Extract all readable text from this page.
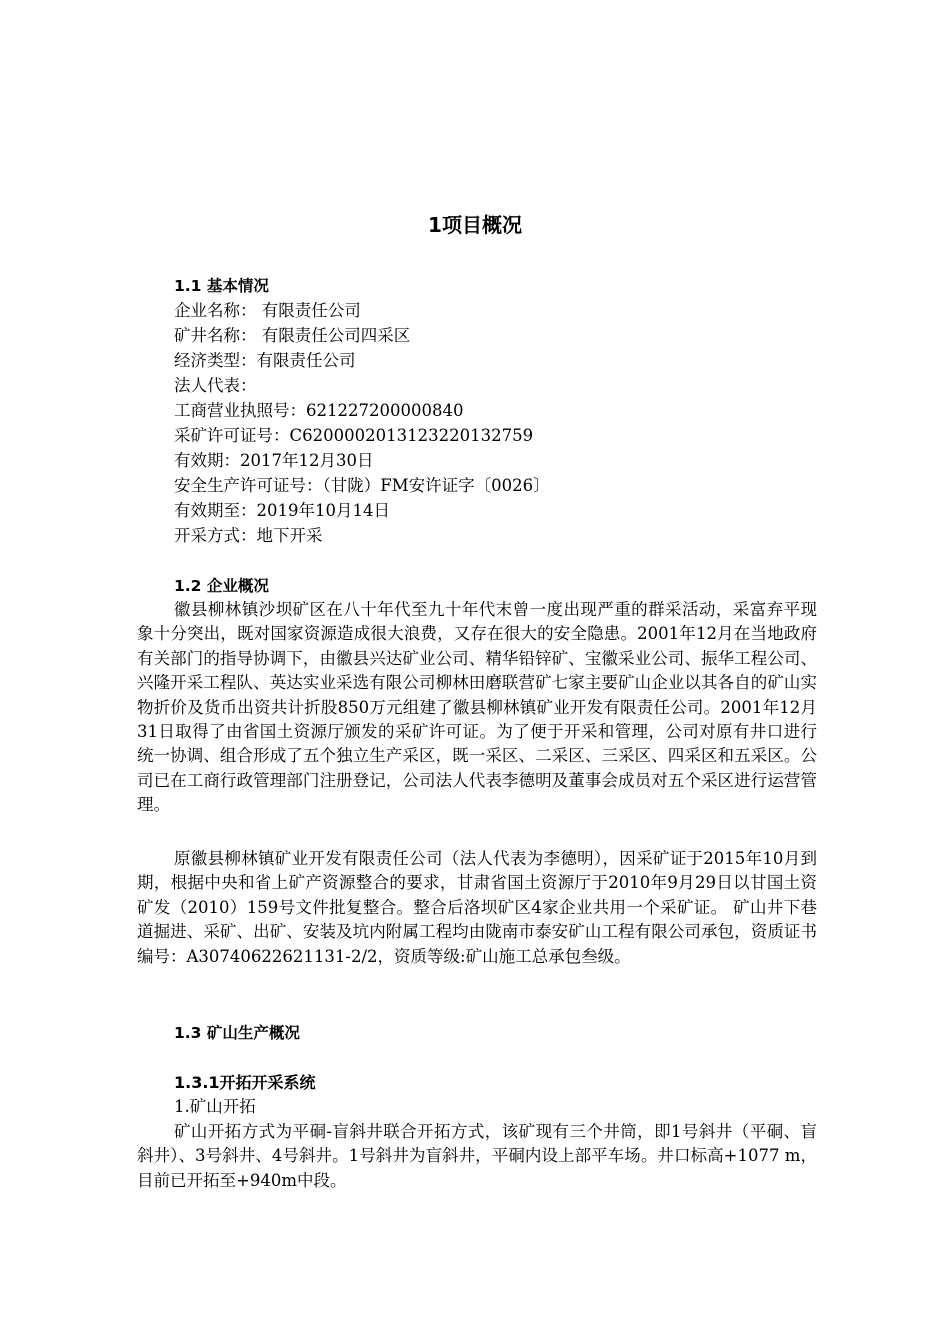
1项目概况
1.1 基本情况
企业名称： 有限责任公司
矿井名称： 有限责任公司四采区
经济类型：有限责任公司
法人代表：
工商营业执照号：621227200000840
采矿许可证号：C6200002013123220132759
有效期：2017年12月30日
安全生产许可证号：（甘陇）FM安许证字〔0026〕
有效期至：2019年10月14日
开采方式：地下开采
1.2 企业概况

徽县柳林镇沙坝矿区在八十年代至九十年代末曾一度出现严重的群采活动，采富弃平现象十分突出，既对国家资源造成很大浪费，又存在很大的安全隐患。2001年12月在当地政府有关部门的指导协调下，由徽县兴达矿业公司、精华铅锌矿、宝徽采业公司、振华工程公司、兴隆开采工程队、英达实业采选有限公司柳林田磨联营矿七家主要矿山企业以其各自的矿山实物折价及货币出资共计折股850万元组建了徽县柳林镇矿业开发有限责任公司。2001年12月31日取得了由省国土资源厅颁发的采矿许可证。为了便于开采和管理，公司对原有井口进行统一协调、组合形成了五个独立生产采区，既一采区、二采区、三采区、四采区和五采区。公司已在工商行政管理部门注册登记，公司法人代表李德明及董事会成员对五个采区进行运营管理。

原徽县柳林镇矿业开发有限责任公司（法人代表为李德明），因采矿证于2015年10月到期，根据中央和省上矿产资源整合的要求，甘肃省国土资源厅于2010年9月29日以甘国土资矿发（2010）159号文件批复整合。整合后洛坝矿区4家企业共用一个采矿证。 矿山井下巷道掘进、采矿、出矿、安装及坑内附属工程均由陇南市泰安矿山工程有限公司承包，资质证书编号：A30740622621131-2/2，资质等级:矿山施工总承包叁级。

1.3 矿山生产概况
1.3.1开拓开采系统
1.矿山开拓

矿山开拓方式为平硐-盲斜井联合开拓方式，该矿现有三个井筒，即1号斜井（平硐、盲斜井）、3号斜井、4号斜井。1号斜井为盲斜井，平硐内设上部平车场。井口标高+1077 m，目前已开拓至+940m中段。
